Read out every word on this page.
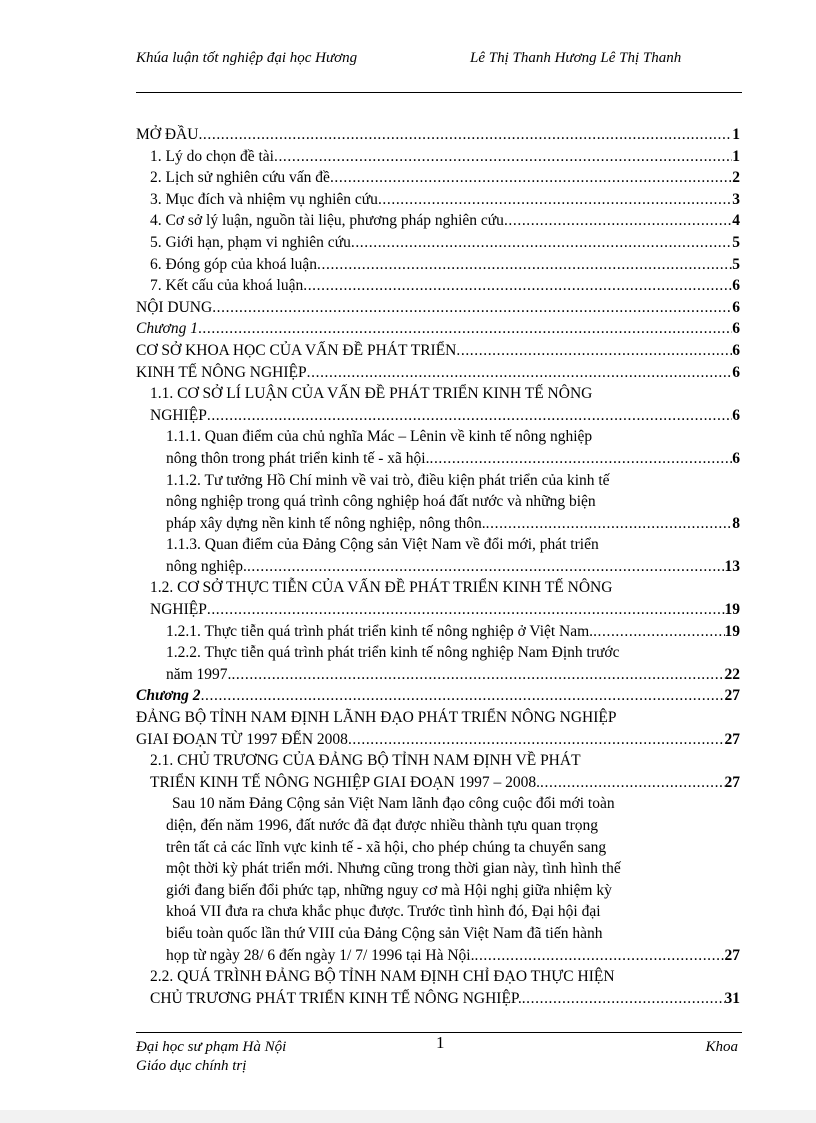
Khúa luận tốt nghiệp đại học Hương	Lê Thị Thanh Hương Lê Thị Thanh
MỞ ĐẦU .....	1
1. Lý do chọn đề tài .....	1
2. Lịch sử nghiên cứu vấn đề .....	2
3. Mục đích và nhiệm vụ nghiên cứu .....	3
4. Cơ sở lý luận, nguồn tài liệu, phương pháp nghiên cứu .....	4
5. Giới hạn, phạm vi nghiên cứu .....	5
6. Đóng góp của khoá luận .....	5
7. Kết cấu của khoá luận .....	6
NỘI DUNG .....	6
Chương 1 .....	6
CƠ SỞ KHOA HỌC CỦA VẤN ĐỀ PHÁT TRIỂN .....	6
KINH TẾ NÔNG NGHIỆP .....	6
1.1. CƠ SỞ LÍ LUẬN CỦA VẤN ĐỀ PHÁT TRIỂN KINH TẾ NÔNG
NGHIỆP .....	6
1.1.1. Quan điểm của chủ nghĩa Mác – Lênin về kinh tế nông nghiệp
nông thôn trong phát triển kinh tế - xã hội. .....	6
1.1.2. Tư tưởng Hồ Chí minh về vai trò, điều kiện phát triển của kinh tế
nông nghiệp trong quá trình công nghiệp hoá đất nước và những biện
pháp xây dựng nền kinh tế nông nghiệp, nông thôn. .....	8
1.1.3. Quan điểm của Đảng Cộng sản Việt Nam về đổi mới, phát triển
nông nghiệp. .....	13
1.2. CƠ SỞ THỰC TIỄN CỦA VẤN ĐỀ PHÁT TRIỂN KINH TẾ NÔNG
NGHIỆP .....	19
1.2.1. Thực tiễn quá trình phát triển kinh tế nông nghiệp ở Việt Nam. .....	19
1.2.2. Thực tiễn quá trình phát triển kinh tế nông nghiệp Nam Định trước
năm 1997. .....	22
Chương 2 .....	27
ĐẢNG BỘ TỈNH NAM ĐỊNH LÃNH ĐẠO PHÁT TRIỂN NÔNG NGHIỆP
GIAI ĐOẠN TỪ 1997 ĐẾN 2008 .....	27
2.1. CHỦ TRƯƠNG CỦA ĐẢNG BỘ TỈNH NAM ĐỊNH VỀ PHÁT
TRIỂN KINH TẾ NÔNG NGHIỆP GIAI ĐOẠN 1997 – 2008. .....	27
Sau 10 năm Đảng Cộng sản Việt Nam lãnh đạo công cuộc đổi mới toàn
diện, đến năm 1996, đất nước đã đạt được nhiều thành tựu quan trọng
trên tất cả các lĩnh vực kinh tế - xã hội, cho phép chúng ta chuyển sang
một thời kỳ phát triển mới. Nhưng cũng trong thời gian này, tình hình thế
giới đang biến đổi phức tạp, những nguy cơ mà Hội nghị giữa nhiệm kỳ
khoá VII đưa ra chưa khắc phục được. Trước tình hình đó, Đại hội đại
biểu toàn quốc lần thứ VIII của Đảng Cộng sản Việt Nam đã tiến hành
họp từ ngày 28/ 6 đến ngày 1/ 7/ 1996 tại Hà Nội. .....	27
2.2. QUÁ TRÌNH ĐẢNG BỘ TỈNH NAM ĐỊNH CHỈ ĐẠO THỰC HIỆN
CHỦ TRƯƠNG PHÁT TRIỂN KINH TẾ NÔNG NGHIỆP. .....	31
Đại học sư phạm Hà Nội
Giáo dục chính trị
1	Khoa
